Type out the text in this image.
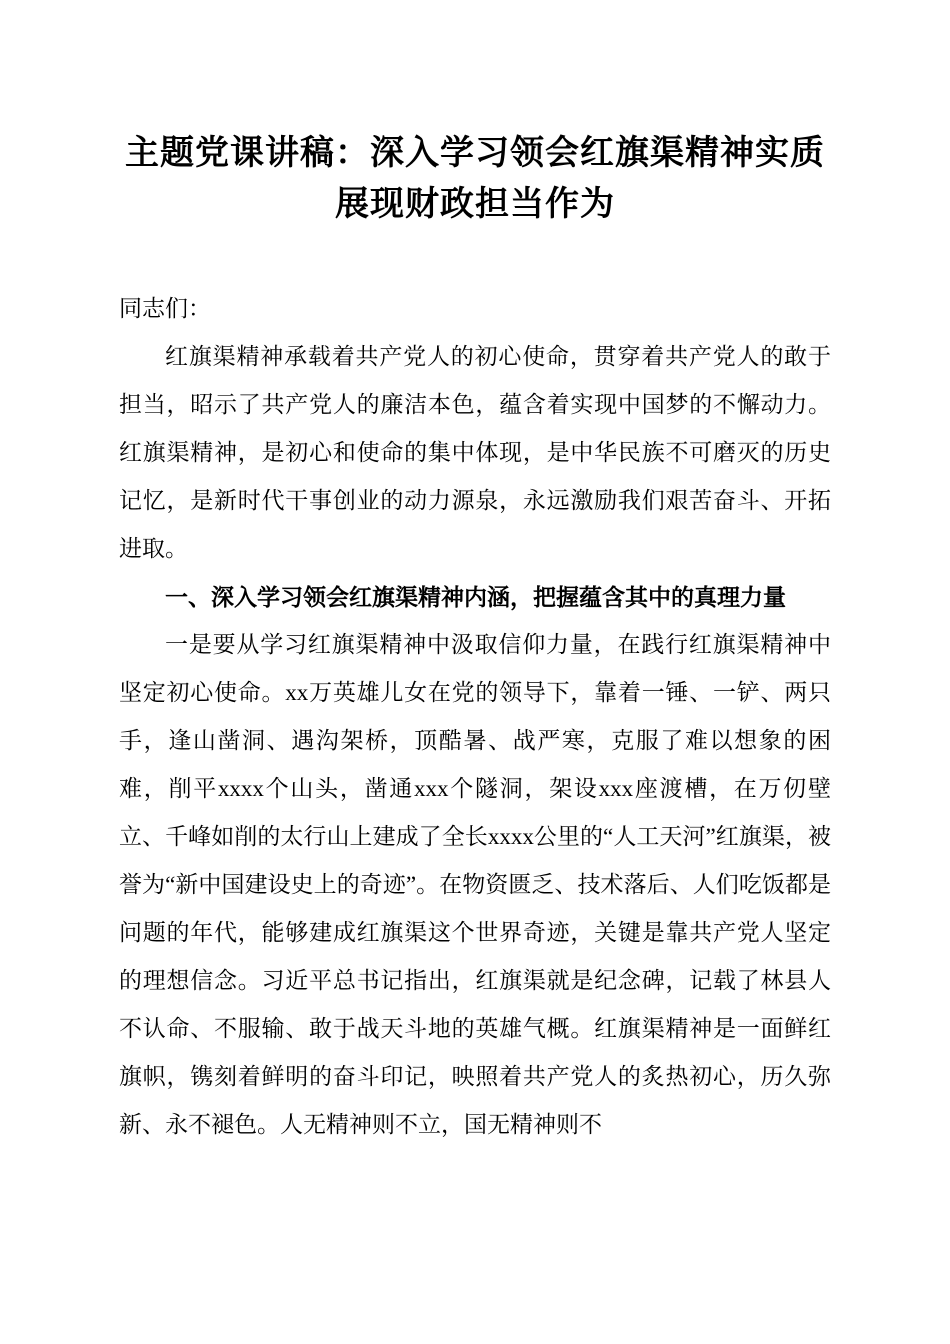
主题党课讲稿：深入学习领会红旗渠精神实质
展现财政担当作为

同志们：

红旗渠精神承载着共产党人的初心使命，贯穿着共产党人的敢于担当，昭示了共产党人的廉洁本色，蕴含着实现中国梦的不懈动力。红旗渠精神，是初心和使命的集中体现，是中华民族不可磨灭的历史记忆，是新时代干事创业的动力源泉，永远激励我们艰苦奋斗、开拓进取。

一、深入学习领会红旗渠精神内涵，把握蕴含其中的真理力量

一是要从学习红旗渠精神中汲取信仰力量，在践行红旗渠精神中坚定初心使命。xx万英雄儿女在党的领导下，靠着一锤、一铲、两只手，逢山凿洞、遇沟架桥，顶酷暑、战严寒，克服了难以想象的困难，削平xxxx个山头，凿通xxx个隧洞，架设xxx座渡槽，在万仞壁立、千峰如削的太行山上建成了全长xxxx公里的“人工天河”红旗渠，被誉为“新中国建设史上的奇迹”。在物资匮乏、技术落后、人们吃饭都是问题的年代，能够建成红旗渠这个世界奇迹，关键是靠共产党人坚定的理想信念。习近平总书记指出，红旗渠就是纪念碑，记载了林县人不认命、不服输、敢于战天斗地的英雄气概。红旗渠精神是一面鲜红旗帜，镌刻着鲜明的奋斗印记，映照着共产党人的炙热初心，历久弥新、永不褪色。人无精神则不立，国无精神则不
